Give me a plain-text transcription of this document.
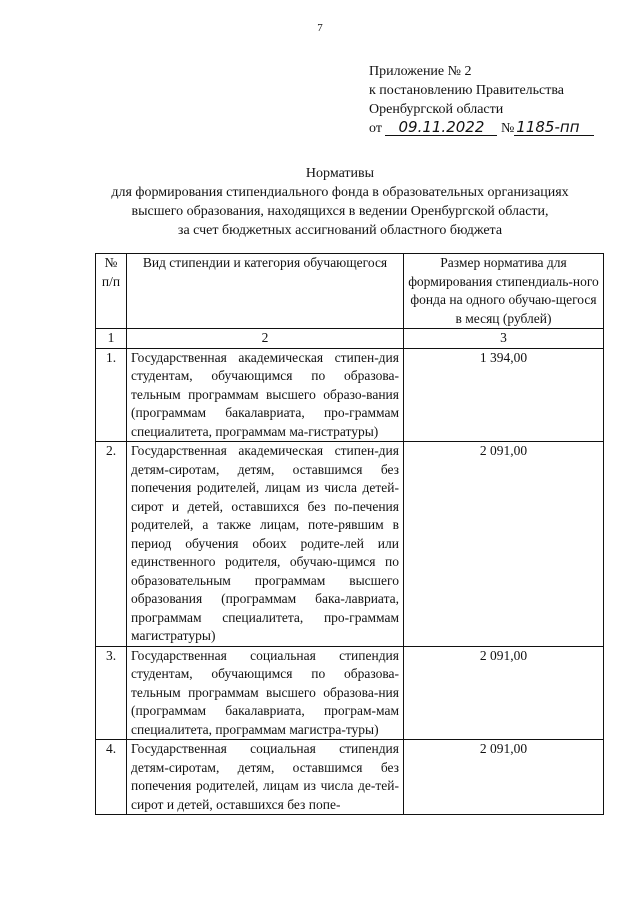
7
Приложение № 2
к постановлению Правительства
Оренбургской области
от 09.11.2022 № 1185-пп
Нормативы
для формирования стипендиального фонда в образовательных организациях
высшего образования, находящихся в ведении Оренбургской области,
за счет бюджетных ассигнований областного бюджета
№ п/п	Вид стипендии и категория обучающегося	Размер норматива для формирования стипендиаль-ного фонда на одного обучаю-щегося в месяц (рублей)
1	2	3
1.	Государственная академическая стипен-дия студентам, обучающимся по образова-тельным программам высшего образо-вания (программам бакалавриата, про-граммам специалитета, программам ма-гистратуры)	1 394,00
2.	Государственная академическая стипен-дия детям-сиротам, детям, оставшимся без попечения родителей, лицам из числа детей-сирот и детей, оставшихся без по-печения родителей, а также лицам, поте-рявшим в период обучения обоих родите-лей или единственного родителя, обучаю-щимся по образовательным программам высшего образования (программам бака-лавриата, программам специалитета, про-граммам магистратуры)	2 091,00
3.	Государственная социальная стипендия студентам, обучающимся по образова-тельным программам высшего образова-ния (программам бакалавриата, програм-мам специалитета, программам магистра-туры)	2 091,00
4.	Государственная социальная стипендия детям-сиротам, детям, оставшимся без попечения родителей, лицам из числа де-тей-сирот и детей, оставшихся без попе-	2 091,00
